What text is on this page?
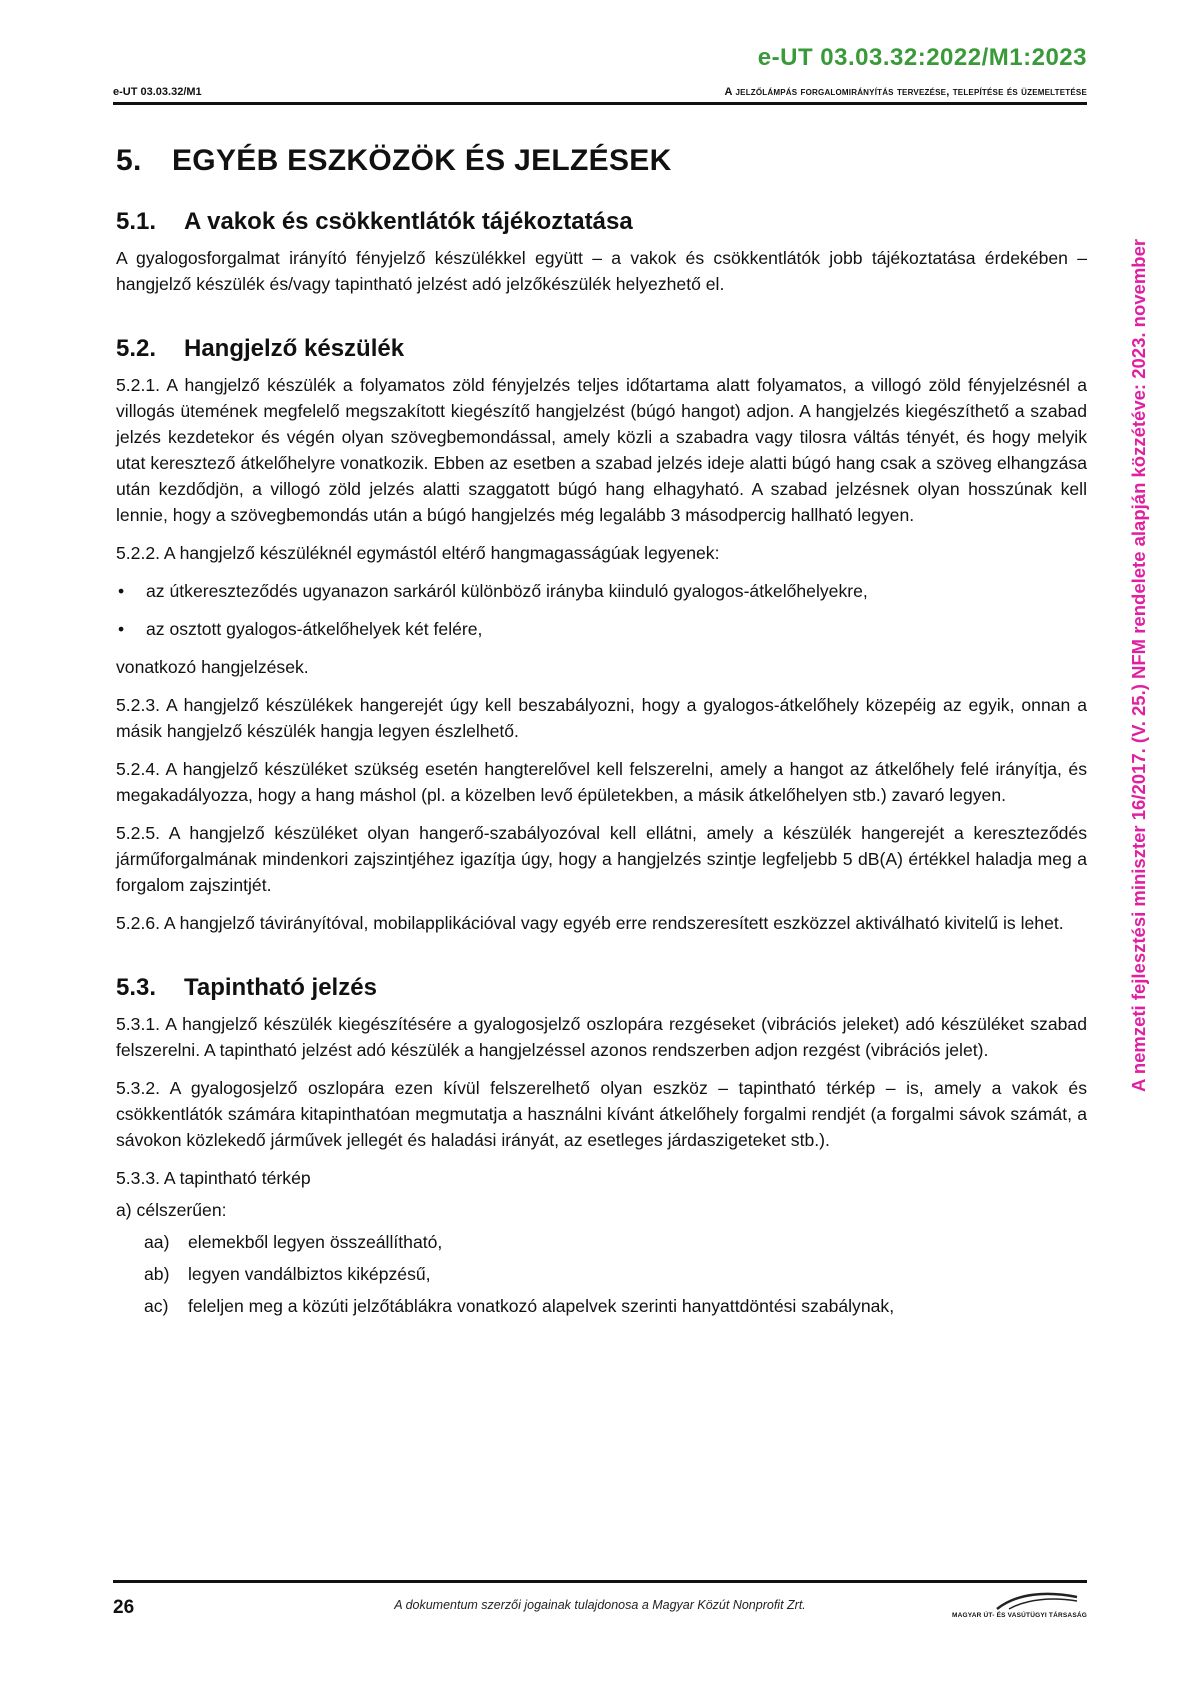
e-UT 03.03.32:2022/M1:2023
e-UT 03.03.32/M1	A jelzőlámpás forgalomirányítás tervezése, telepítése és üzemeltetése
A nemzeti fejlesztési miniszter 16/2017. (V. 25.) NFM rendelete alapján közzétéve: 2023. november
5. EGYÉB ESZKÖZÖK ÉS JELZÉSEK
5.1. A vakok és csökkentlátók tájékoztatása

A gyalogosforgalmat irányító fényjelző készülékkel együtt – a vakok és csökkentlátók jobb tájékoztatása érdekében – hangjelző készülék és/vagy tapintható jelzést adó jelzőkészülék helyezhető el.

5.2. Hangjelző készülék

5.2.1. A hangjelző készülék a folyamatos zöld fényjelzés teljes időtartama alatt folyamatos, a villogó zöld fényjelzésnél a villogás ütemének megfelelő megszakított kiegészítő hangjelzést (búgó hangot) adjon. A hangjelzés kiegészíthető a szabad jelzés kezdetekor és végén olyan szövegbemondással, amely közli a szabadra vagy tilosra váltás tényét, és hogy melyik utat keresztező átkelőhelyre vonatkozik. Ebben az esetben a szabad jelzés ideje alatti búgó hang csak a szöveg elhangzása után kezdődjön, a villogó zöld jelzés alatti szaggatott búgó hang elhagyható. A szabad jelzésnek olyan hosszúnak kell lennie, hogy a szövegbemondás után a búgó hangjelzés még legalább 3 másodpercig hallható legyen.

5.2.2. A hangjelző készüléknél egymástól eltérő hangmagasságúak legyenek:

• az útkereszteződés ugyanazon sarkáról különböző irányba kiinduló gyalogos-átkelőhelyekre,
• az osztott gyalogos-átkelőhelyek két felére,

vonatkozó hangjelzések.

5.2.3. A hangjelző készülékek hangerejét úgy kell beszabályozni, hogy a gyalogos-átkelőhely közepéig az egyik, onnan a másik hangjelző készülék hangja legyen észlelhető.

5.2.4. A hangjelző készüléket szükség esetén hangterelővel kell felszerelni, amely a hangot az átkelőhely felé irányítja, és megakadályozza, hogy a hang máshol (pl. a közelben levő épületekben, a másik átkelőhelyen stb.) zavaró legyen.

5.2.5. A hangjelző készüléket olyan hangerő-szabályozóval kell ellátni, amely a készülék hangerejét a kereszteződés járműforgalmának mindenkori zajszintjéhez igazítja úgy, hogy a hangjelzés szintje legfeljebb 5 dB(A) értékkel haladja meg a forgalom zajszintjét.

5.2.6. A hangjelző távirányítóval, mobilapplikációval vagy egyéb erre rendszeresített eszközzel aktiválható kivitelű is lehet.

5.3. Tapintható jelzés

5.3.1. A hangjelző készülék kiegészítésére a gyalogosjelző oszlopára rezgéseket (vibrációs jeleket) adó készüléket szabad felszerelni. A tapintható jelzést adó készülék a hangjelzéssel azonos rendszerben adjon rezgést (vibrációs jelet).

5.3.2. A gyalogosjelző oszlopára ezen kívül felszerelhető olyan eszköz – tapintható térkép – is, amely a vakok és csökkentlátók számára kitapinthatóan megmutatja a használni kívánt átkelőhely forgalmi rendjét (a forgalmi sávok számát, a sávokon közlekedő járművek jellegét és haladási irányát, az esetleges járdaszigeteket stb.).

5.3.3. A tapintható térkép
a) célszerűen:
aa) elemekből legyen összeállítható,
ab) legyen vandálbiztos kiképzésű,
ac) feleljen meg a közúti jelzőtáblákra vonatkozó alapelvek szerinti hanyattdöntési szabálynak,
26	A dokumentum szerzői jogainak tulajdonosa a Magyar Közút Nonprofit Zrt.
MAGYAR ÚT- ÉS VASÚTÜGYI TÁRSASÁG
